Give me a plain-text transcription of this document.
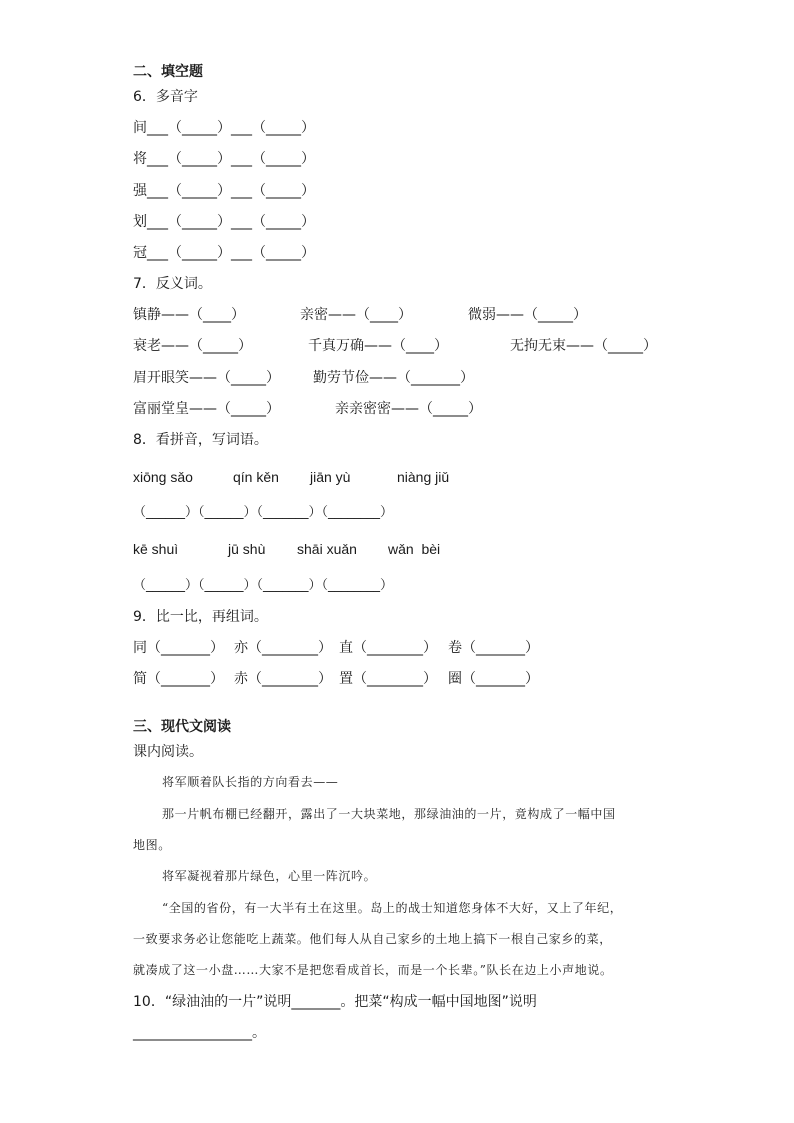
二、填空题
6．多音字
间___（_____）___（_____）
将___（_____）___（_____）
强___（_____）___（_____）
划___（_____）___（_____）
冠___（_____）___（_____）
7．反义词。
镇静——（____）	亲密——（____）	微弱——（_____）
衰老——（_____）	千真万确——（____）	无拘无束——（_____）
眉开眼笑——（_____） 勤劳节俭——（_______）
富丽堂皇——（_____）	亲亲密密——（_____）
8．看拼音，写词语。
xiōng sǎo	qín kěn jiān yù	niàng jiǔ
（______）（______）（_______）（________）
kē shuì	jū shù shāi xuǎn wǎn  bèi
（______）（______）（_______）（________）
9．比一比，再组词。
同（_______） 亦（________） 直（________） 卷（_______）
简（_______） 赤（________） 置（________） 圈（_______）
三、现代文阅读
课内阅读。
将军顺着队长指的方向看去——
那一片帆布棚已经翻开，露出了一大块菜地，那绿油油的一片，竟构成了一幅中国
地图。
将军凝视着那片绿色，心里一阵沉吟。
“全国的省份，有一大半有土在这里。岛上的战士知道您身体不大好，又上了年纪，
一致要求务必让您能吃上蔬菜。他们每人从自己家乡的土地上搞下一根自己家乡的菜，
就凑成了这一小盘……大家不是把您看成首长，而是一个长辈。”队长在边上小声地说。
10．“绿油油的一片”说明_______。把菜“构成一幅中国地图”说明
_________________。
